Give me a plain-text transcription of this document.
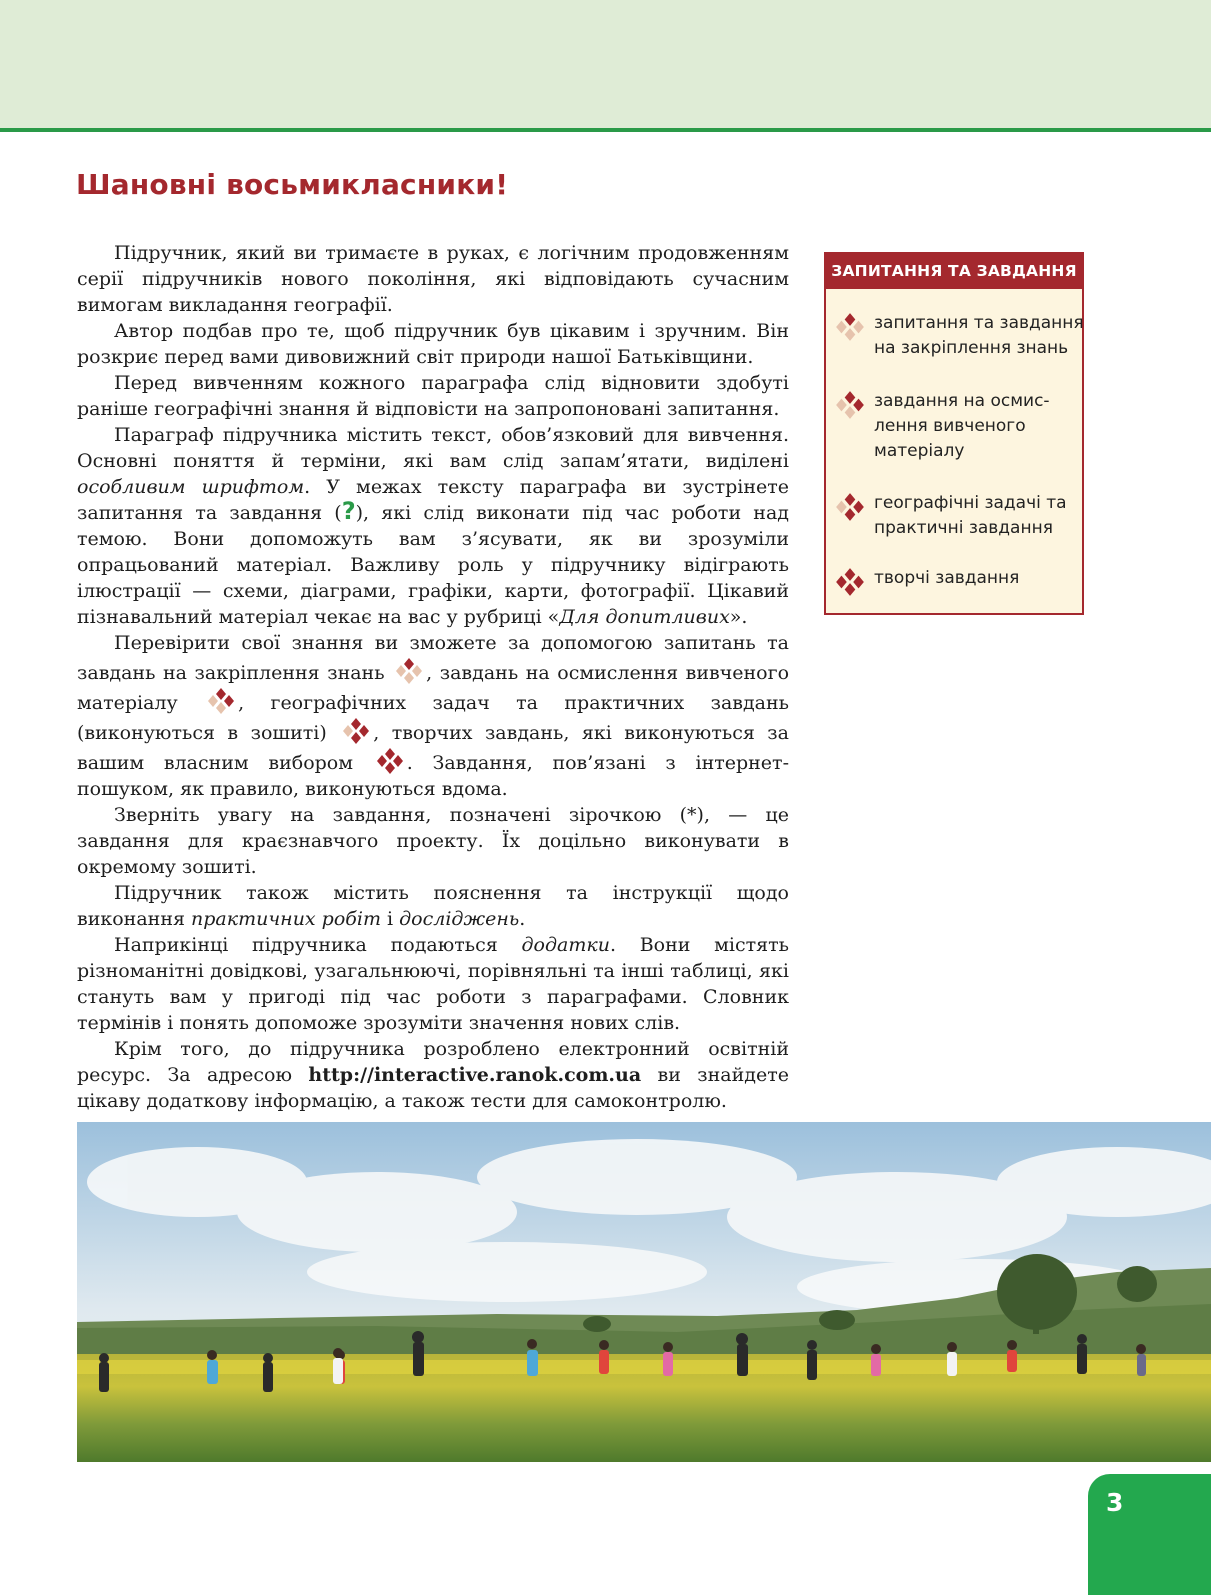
Шановні восьмикласники!

Підручник, який ви тримаєте в руках, є логічним продовженням серії підручників нового покоління, які відповідають сучасним вимогам викладання географії.

Автор подбав про те, щоб підручник був цікавим і зручним. Він розкриє перед вами дивовижний світ природи нашої Батьківщини.

Перед вивченням кожного параграфа слід відновити здобуті раніше географічні знання й відповісти на запропоновані запитання.

Параграф підручника містить текст, обов’язковий для вивчення. Основні поняття й терміни, які вам слід запам’ятати, виділені особливим шрифтом. У межах тексту параграфа ви зустрінете запитання та завдання (?), які слід виконати під час роботи над темою. Вони допоможуть вам з’ясувати, як ви зрозуміли опрацьований матеріал. Важливу роль у підручнику відіграють ілюстрації — схеми, діаграми, графіки, карти, фотографії. Цікавий пізнавальний матеріал чекає на вас у рубриці «Для допитливих».

Перевірити свої знання ви зможете за допомогою запитань та завдань на закріплення знань , завдань на осмислення вивченого матеріалу , географічних задач та практичних завдань (виконуються в зошиті) , творчих завдань, які виконуються за вашим власним вибором . Завдання, пов’язані з інтернет-пошуком, як правило, виконуються вдома.

Зверніть увагу на завдання, позначені зірочкою (*), — це завдання для краєзнавчого проекту. Їх доцільно виконувати в окремому зошиті.

Підручник також містить пояснення та інструкції щодо виконання практичних робіт і досліджень.

Наприкінці підручника подаються додатки. Вони містять різноманітні довідкові, узагальнюючі, порівняльні та інші таблиці, які стануть вам у пригоді під час роботи з параграфами. Словник термінів і понять допоможе зрозуміти значення нових слів.

Крім того, до підручника розроблено електронний освітній ресурс. За адресою http://interactive.ranok.com.ua ви знайдете цікаву додаткову інформацію, а також тести для самоконтролю.

ЗАПИТАННЯ ТА ЗАВДАННЯ
запитання та завдання на закріплення знань
завдання на осмислення вивченого матеріалу
географічні задачі та практичні завдання
творчі завдання
3
